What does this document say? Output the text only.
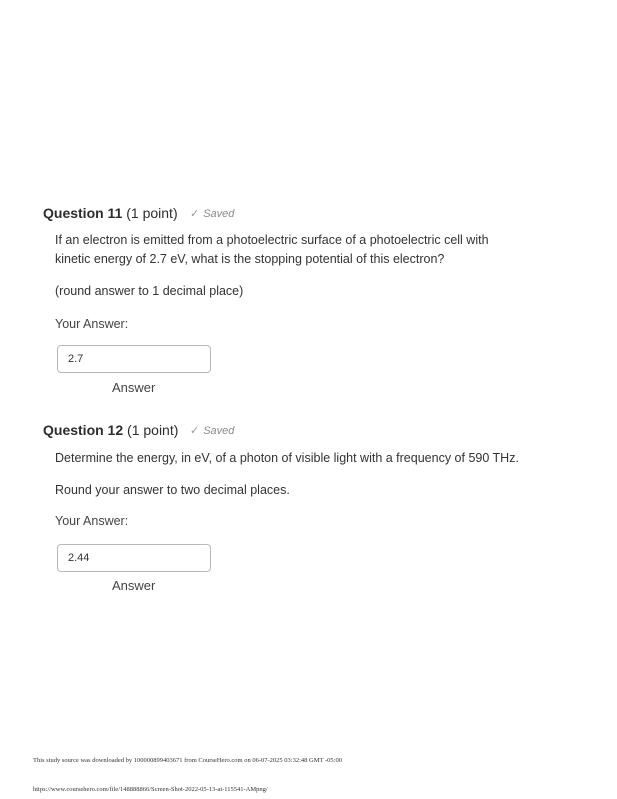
Question 11 (1 point) ✓ Saved
If an electron is emitted from a photoelectric surface of a photoelectric cell with
kinetic energy of 2.7 eV, what is the stopping potential of this electron?
(round answer to 1 decimal place)
Your Answer:
2.7
Answer
Question 12 (1 point) ✓ Saved
Determine the energy, in eV, of a photon of visible light with a frequency of 590 THz.
Round your answer to two decimal places.
Your Answer:
2.44
Answer
This study source was downloaded by 100000899403671 from CourseHero.com on 06-07-2025 03:32:48 GMT -05:00
https://www.coursehero.com/file/148888866/Screen-Shot-2022-05-13-at-115541-AMpng/
